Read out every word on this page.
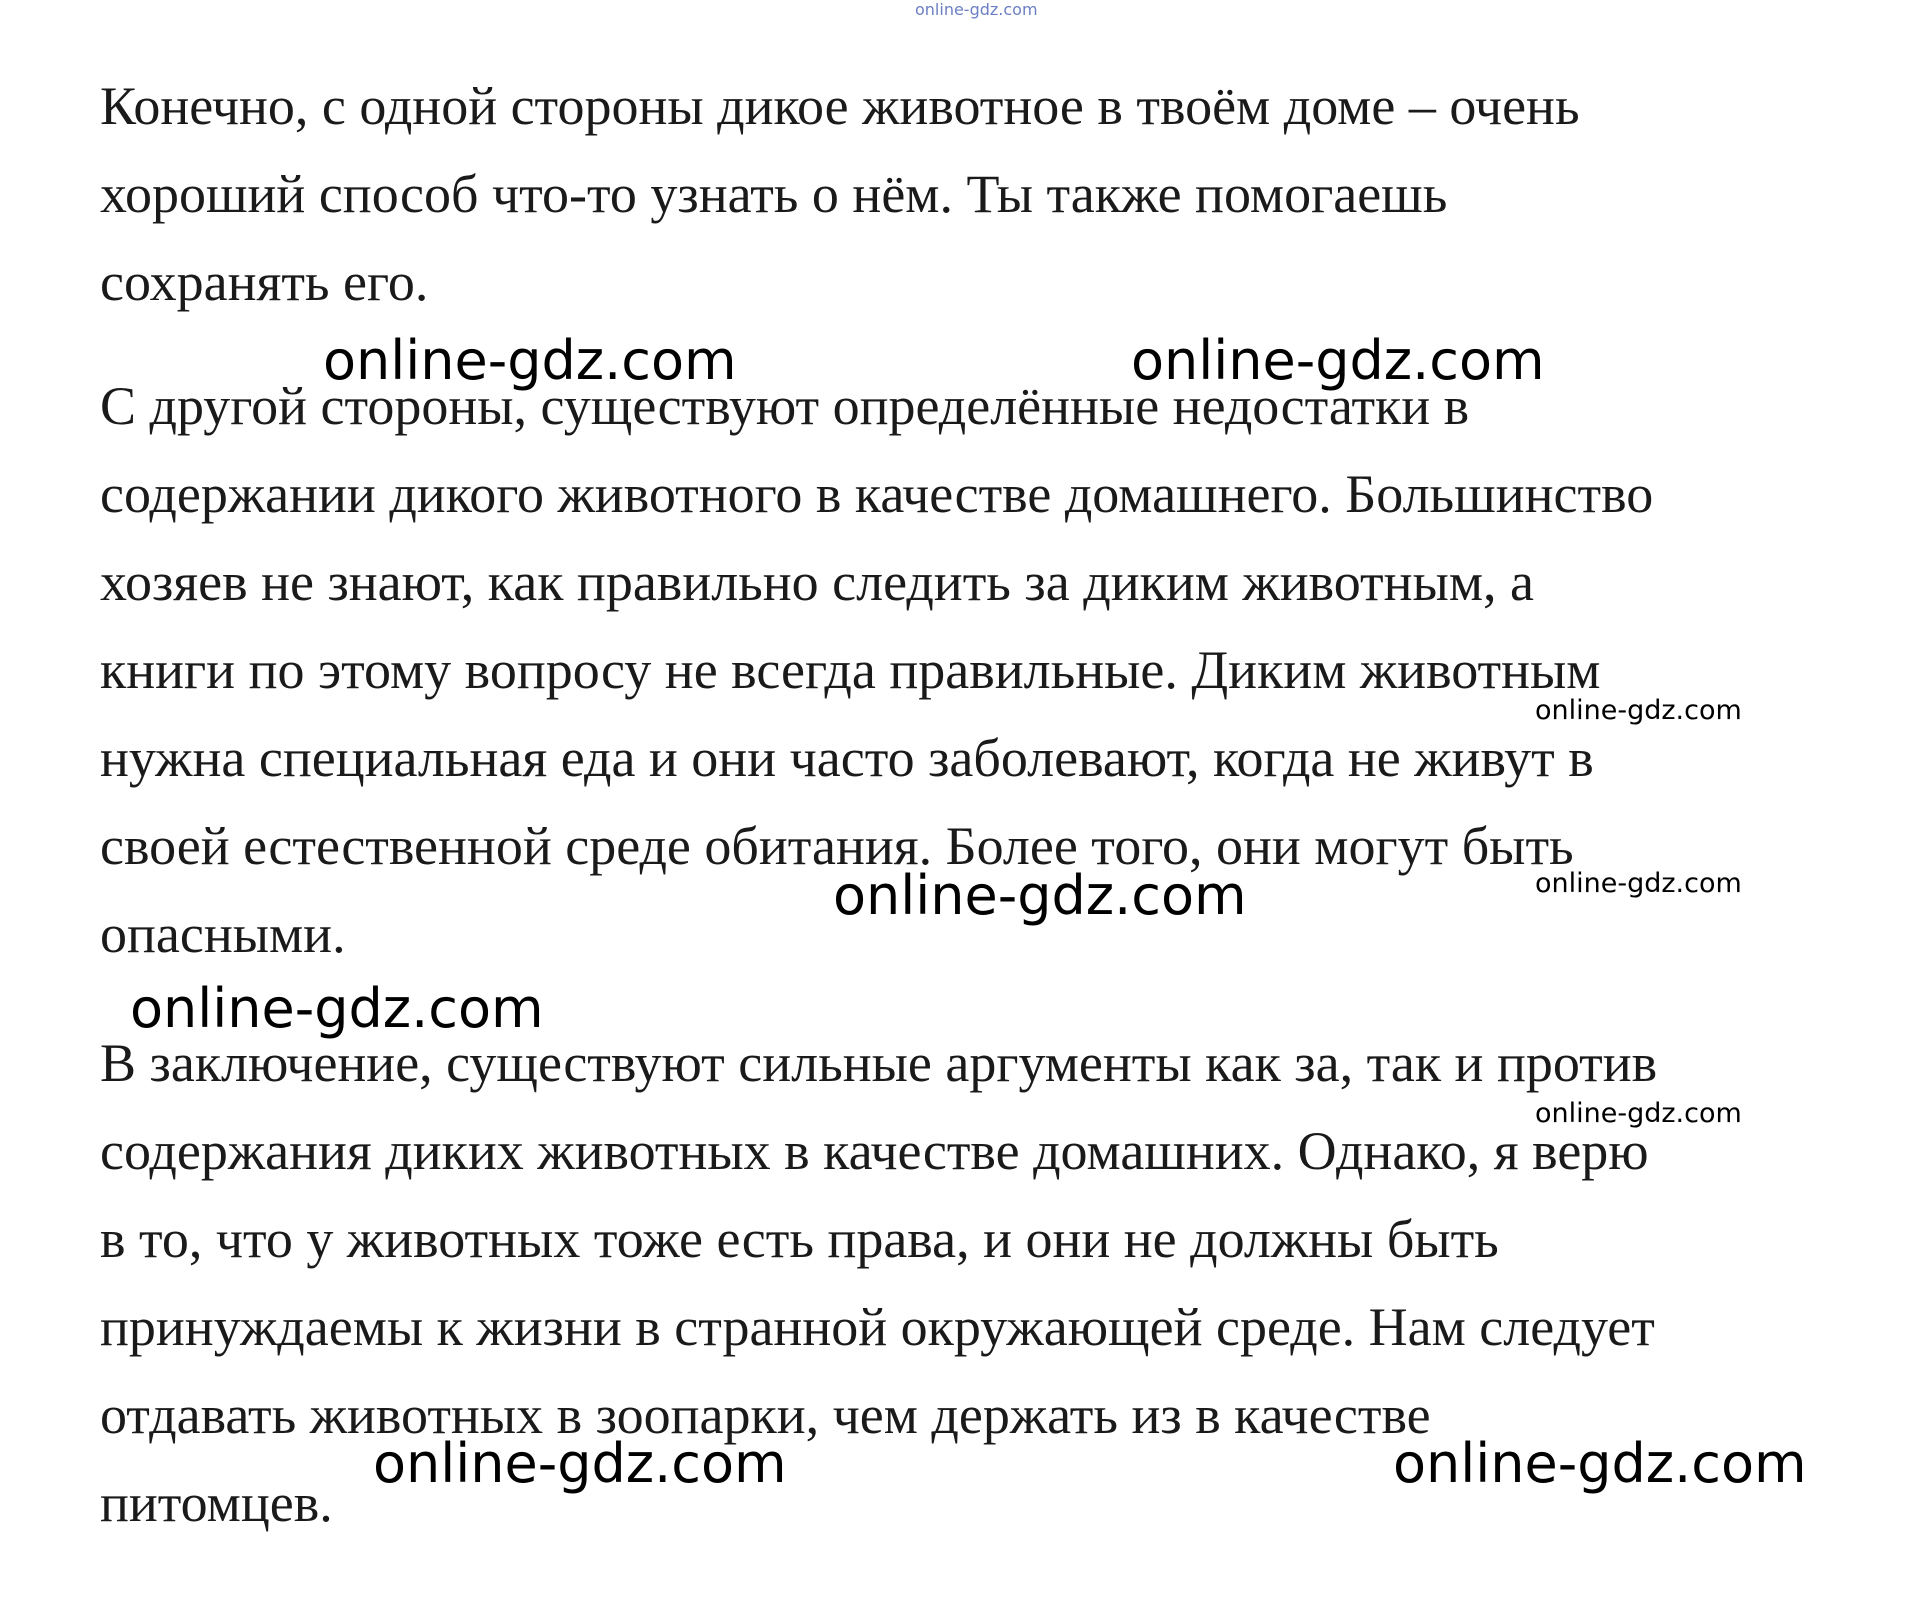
online-gdz.com
Конечно, с одной стороны дикое животное в твоём доме – очень
хороший способ что-то узнать о нём. Ты также помогаешь
сохранять его.
С другой стороны, существуют определённые недостатки в
содержании дикого животного в качестве домашнего. Большинство
хозяев не знают, как правильно следить за диким животным, а
книги по этому вопросу не всегда правильные. Диким животным
нужна специальная еда и они часто заболевают, когда не живут в
своей естественной среде обитания. Более того, они могут быть
опасными.
В заключение, существуют сильные аргументы как за, так и против
содержания диких животных в качестве домашних. Однако, я верю
в то, что у животных тоже есть права, и они не должны быть
принуждаемы к жизни в странной окружающей среде. Нам следует
отдавать животных в зоопарки, чем держать из в качестве
питомцев.
online-gdz.com	online-gdz.com
online-gdz.com
online-gdz.com	online-gdz.com
online-gdz.com
online-gdz.com
online-gdz.com	online-gdz.com
